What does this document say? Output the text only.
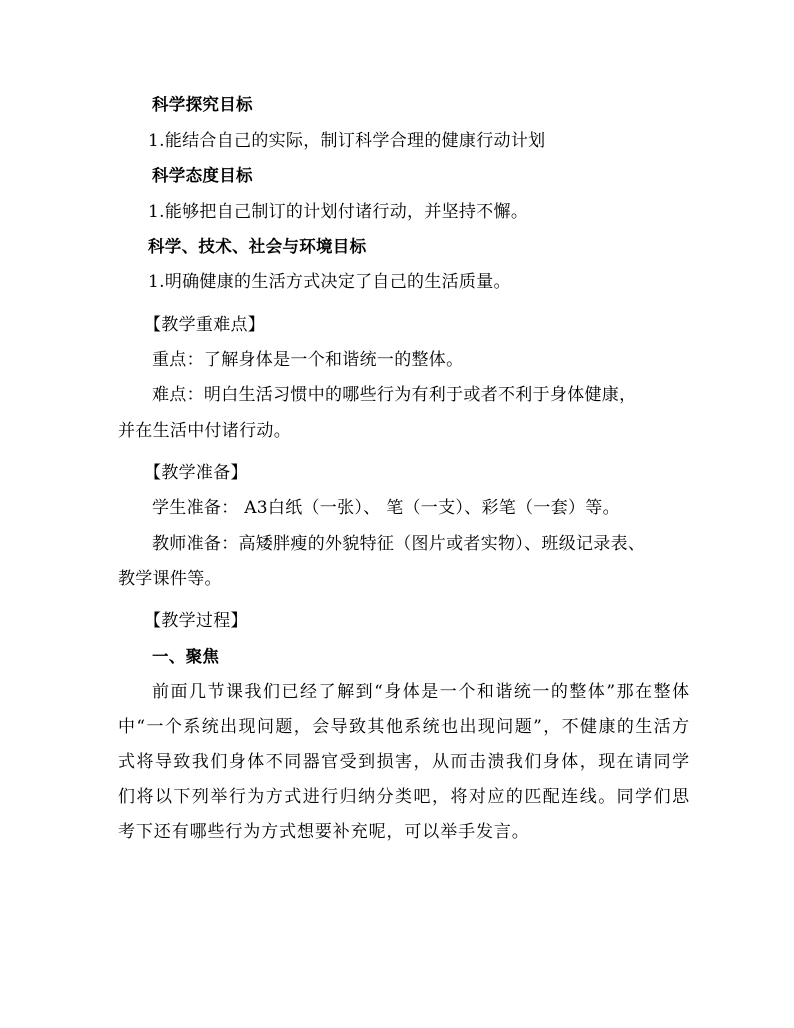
科学探究目标
1.能结合自己的实际，制订科学合理的健康行动计划
科学态度目标
1.能够把自己制订的计划付诸行动，并坚持不懈。
科学、技术、社会与环境目标
1.明确健康的生活方式决定了自己的生活质量。
【教学重难点】
重点：了解身体是一个和谐统一的整体。
难点：明白生活习惯中的哪些行为有利于或者不利于身体健康，
并在生活中付诸行动。
【教学准备】
学生准备： A3白纸（一张）、 笔（一支）、彩笔（一套）等。
教师准备：高矮胖瘦的外貌特征（图片或者实物）、班级记录表、
教学课件等。
【教学过程】
一、聚焦
前面几节课我们已经了解到“身体是一个和谐统一的整体”那在整体中“一个系统出现问题，会导致其他系统也出现问题”，不健康的生活方式将导致我们身体不同器官受到损害，从而击溃我们身体，现在请同学们将以下列举行为方式进行归纳分类吧，将对应的匹配连线。同学们思考下还有哪些行为方式想要补充呢，可以举手发言。
